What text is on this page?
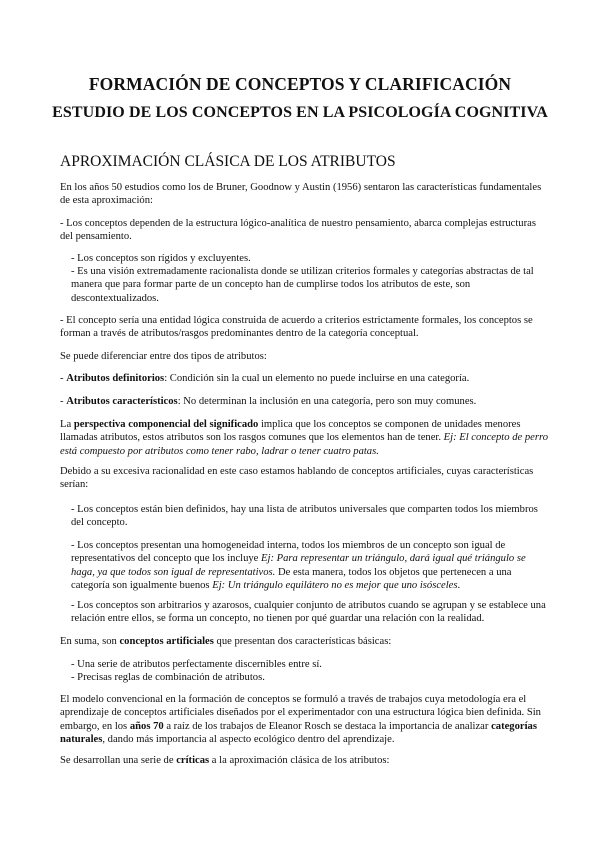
FORMACIÓN DE CONCEPTOS Y CLARIFICACIÓN
ESTUDIO DE LOS CONCEPTOS EN LA PSICOLOGÍA COGNITIVA
APROXIMACIÓN CLÁSICA DE LOS ATRIBUTOS

En los años 50 estudios como los de Bruner, Goodnow y Austin (1956) sentaron las características fundamentales de esta aproximación:

- Los conceptos dependen de la estructura lógico-analítica de nuestro pensamiento, abarca complejas estructuras del pensamiento.

- Los conceptos son rígidos y excluyentes.

- Es una visión extremadamente racionalista donde se utilizan criterios formales y categorías abstractas de tal manera que para formar parte de un concepto han de cumplirse todos los atributos de este, son descontextualizados.

- El concepto sería una entidad lógica construida de acuerdo a criterios estrictamente formales, los conceptos se forman a través de atributos/rasgos predominantes dentro de la categoría conceptual.

Se puede diferenciar entre dos tipos de atributos:

- Atributos definitorios: Condición sin la cual un elemento no puede incluirse en una categoría.

- Atributos característicos: No determinan la inclusión en una categoría, pero son muy comunes.

La perspectiva componencial del significado implica que los conceptos se componen de unidades menores llamadas atributos, estos atributos son los rasgos comunes que los elementos han de tener. Ej: El concepto de perro está compuesto por atributos como tener rabo, ladrar o tener cuatro patas.

Debido a su excesiva racionalidad en este caso estamos hablando de conceptos artificiales, cuyas características serían:

- Los conceptos están bien definidos, hay una lista de atributos universales que comparten todos los miembros del concepto.

- Los conceptos presentan una homogeneidad interna, todos los miembros de un concepto son igual de representativos del concepto que los incluye Ej: Para representar un triángulo, dará igual qué triángulo se haga, ya que todos son igual de representativos. De esta manera, todos los objetos que pertenecen a una categoría son igualmente buenos Ej: Un triángulo equilátero no es mejor que uno isósceles.

- Los conceptos son arbitrarios y azarosos, cualquier conjunto de atributos cuando se agrupan y se establece una relación entre ellos, se forma un concepto, no tienen por qué guardar una relación con la realidad.

En suma, son conceptos artificiales que presentan dos características básicas:

- Una serie de atributos perfectamente discernibles entre sí.

- Precisas reglas de combinación de atributos.

El modelo convencional en la formación de conceptos se formuló a través de trabajos cuya metodología era el aprendizaje de conceptos artificiales diseñados por el experimentador con una estructura lógica bien definida. Sin embargo, en los años 70 a raíz de los trabajos de Eleanor Rosch se destaca la importancia de analizar categorías naturales, dando más importancia al aspecto ecológico dentro del aprendizaje.

Se desarrollan una serie de críticas a la aproximación clásica de los atributos:
